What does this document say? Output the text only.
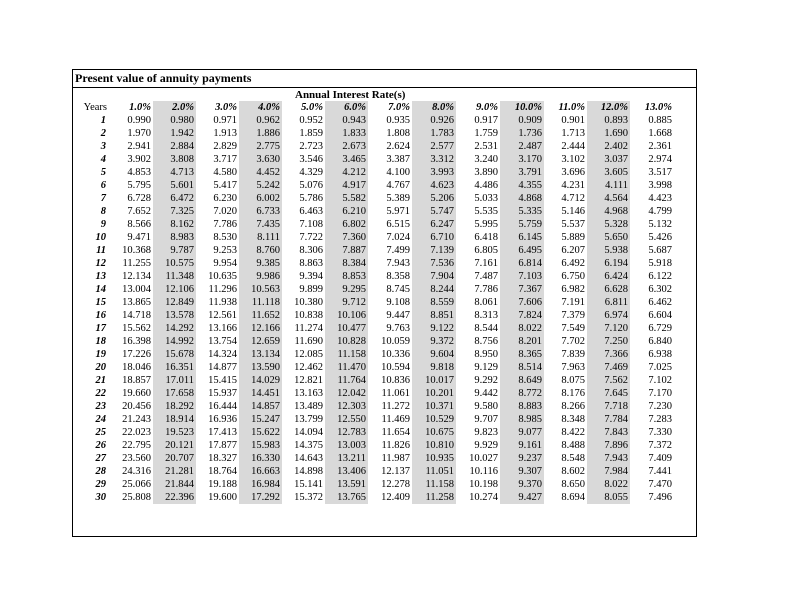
Present value of annuity payments
Annual Interest Rate(s)
Years	1.0%	2.0%	3.0%	4.0%	5.0%	6.0%	7.0%	8.0%	9.0%	10.0%	11.0%	12.0%	13.0%
1	0.990	0.980	0.971	0.962	0.952	0.943	0.935	0.926	0.917	0.909	0.901	0.893	0.885
2	1.970	1.942	1.913	1.886	1.859	1.833	1.808	1.783	1.759	1.736	1.713	1.690	1.668
3	2.941	2.884	2.829	2.775	2.723	2.673	2.624	2.577	2.531	2.487	2.444	2.402	2.361
4	3.902	3.808	3.717	3.630	3.546	3.465	3.387	3.312	3.240	3.170	3.102	3.037	2.974
5	4.853	4.713	4.580	4.452	4.329	4.212	4.100	3.993	3.890	3.791	3.696	3.605	3.517
6	5.795	5.601	5.417	5.242	5.076	4.917	4.767	4.623	4.486	4.355	4.231	4.111	3.998
7	6.728	6.472	6.230	6.002	5.786	5.582	5.389	5.206	5.033	4.868	4.712	4.564	4.423
8	7.652	7.325	7.020	6.733	6.463	6.210	5.971	5.747	5.535	5.335	5.146	4.968	4.799
9	8.566	8.162	7.786	7.435	7.108	6.802	6.515	6.247	5.995	5.759	5.537	5.328	5.132
10	9.471	8.983	8.530	8.111	7.722	7.360	7.024	6.710	6.418	6.145	5.889	5.650	5.426
11	10.368	9.787	9.253	8.760	8.306	7.887	7.499	7.139	6.805	6.495	6.207	5.938	5.687
12	11.255	10.575	9.954	9.385	8.863	8.384	7.943	7.536	7.161	6.814	6.492	6.194	5.918
13	12.134	11.348	10.635	9.986	9.394	8.853	8.358	7.904	7.487	7.103	6.750	6.424	6.122
14	13.004	12.106	11.296	10.563	9.899	9.295	8.745	8.244	7.786	7.367	6.982	6.628	6.302
15	13.865	12.849	11.938	11.118	10.380	9.712	9.108	8.559	8.061	7.606	7.191	6.811	6.462
16	14.718	13.578	12.561	11.652	10.838	10.106	9.447	8.851	8.313	7.824	7.379	6.974	6.604
17	15.562	14.292	13.166	12.166	11.274	10.477	9.763	9.122	8.544	8.022	7.549	7.120	6.729
18	16.398	14.992	13.754	12.659	11.690	10.828	10.059	9.372	8.756	8.201	7.702	7.250	6.840
19	17.226	15.678	14.324	13.134	12.085	11.158	10.336	9.604	8.950	8.365	7.839	7.366	6.938
20	18.046	16.351	14.877	13.590	12.462	11.470	10.594	9.818	9.129	8.514	7.963	7.469	7.025
21	18.857	17.011	15.415	14.029	12.821	11.764	10.836	10.017	9.292	8.649	8.075	7.562	7.102
22	19.660	17.658	15.937	14.451	13.163	12.042	11.061	10.201	9.442	8.772	8.176	7.645	7.170
23	20.456	18.292	16.444	14.857	13.489	12.303	11.272	10.371	9.580	8.883	8.266	7.718	7.230
24	21.243	18.914	16.936	15.247	13.799	12.550	11.469	10.529	9.707	8.985	8.348	7.784	7.283
25	22.023	19.523	17.413	15.622	14.094	12.783	11.654	10.675	9.823	9.077	8.422	7.843	7.330
26	22.795	20.121	17.877	15.983	14.375	13.003	11.826	10.810	9.929	9.161	8.488	7.896	7.372
27	23.560	20.707	18.327	16.330	14.643	13.211	11.987	10.935	10.027	9.237	8.548	7.943	7.409
28	24.316	21.281	18.764	16.663	14.898	13.406	12.137	11.051	10.116	9.307	8.602	7.984	7.441
29	25.066	21.844	19.188	16.984	15.141	13.591	12.278	11.158	10.198	9.370	8.650	8.022	7.470
30	25.808	22.396	19.600	17.292	15.372	13.765	12.409	11.258	10.274	9.427	8.694	8.055	7.496
